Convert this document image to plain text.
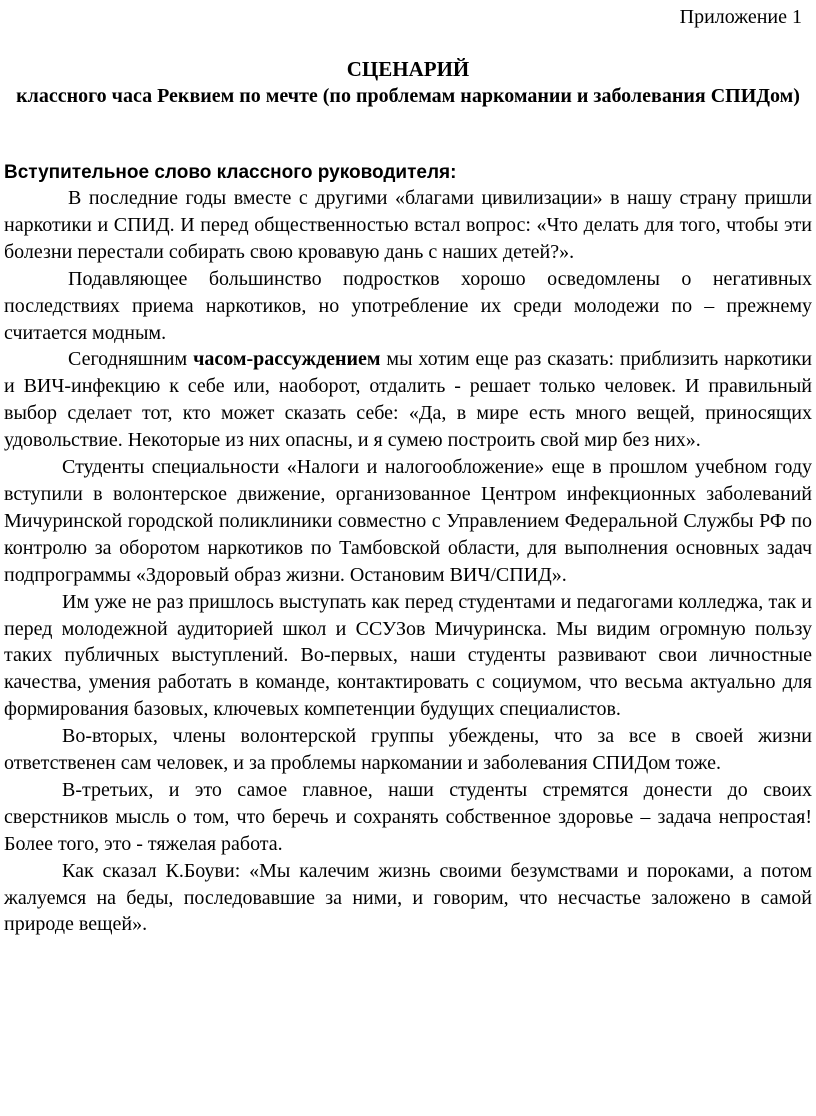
Приложение 1
СЦЕНАРИЙ
классного часа Реквием по мечте (по проблемам наркомании и заболевания СПИДом)
Вступительное слово классного руководителя:

В последние годы вместе с другими «благами цивилизации» в нашу страну пришли наркотики и СПИД. И перед общественностью встал вопрос: «Что делать для того, чтобы эти болезни перестали собирать свою кровавую дань с наших детей?».

Подавляющее большинство подростков хорошо осведомлены о негативных последствиях приема наркотиков, но употребление их среди молодежи по – прежнему считается модным.

Сегодняшним часом-рассуждением мы хотим еще раз сказать: приблизить наркотики и ВИЧ-инфекцию к себе или, наоборот, отдалить - решает только человек. И правильный выбор сделает тот, кто может сказать себе: «Да, в мире есть много вещей, приносящих удовольствие. Некоторые из них опасны, и я сумею построить свой мир без них».

Студенты специальности «Налоги и налогообложение» еще в прошлом учебном году вступили в волонтерское движение, организованное Центром инфекционных заболеваний Мичуринской городской поликлиники совместно с Управлением Федеральной Службы РФ по контролю за оборотом наркотиков по Тамбовской области, для выполнения основных задач подпрограммы «Здоровый образ жизни. Остановим ВИЧ/СПИД».

Им уже не раз пришлось выступать как перед студентами и педагогами колледжа, так и перед молодежной аудиторией школ и ССУЗов Мичуринска. Мы видим огромную пользу таких публичных выступлений. Во-первых, наши студенты развивают свои личностные качества, умения работать в команде, контактировать с социумом, что весьма актуально для формирования базовых, ключевых компетенции будущих специалистов.

Во-вторых, члены волонтерской группы убеждены, что за все в своей жизни ответственен сам человек, и за проблемы наркомании и заболевания СПИДом тоже.

В-третьих, и это самое главное, наши студенты стремятся донести до своих сверстников мысль о том, что беречь и сохранять собственное здоровье – задача непростая! Более того, это - тяжелая работа.

Как сказал К.Боуви: «Мы калечим жизнь своими безумствами и пороками, а потом жалуемся на беды, последовавшие за ними, и говорим, что несчастье заложено в самой природе вещей».
